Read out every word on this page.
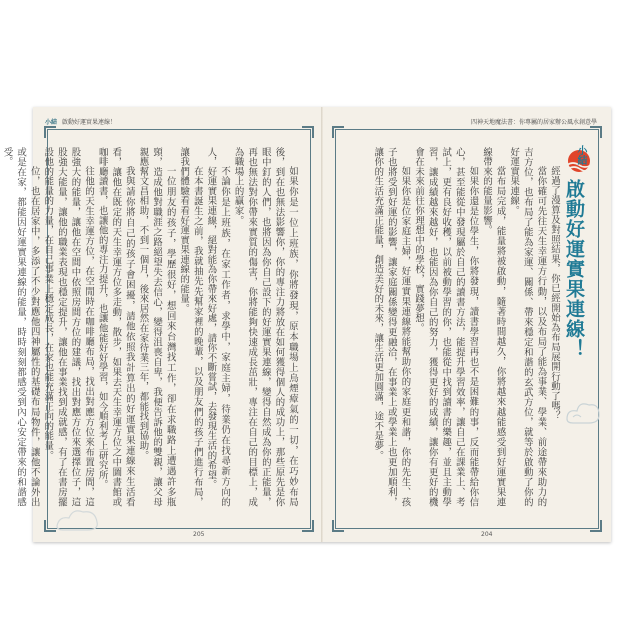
小結 啟動好運實果連線！

如果你是一位上班族，你將發現，原本職場上烏煙瘴氣的一切，在巧妙布局後，到在也無法影響你，你的專注力將放在如何獲得個人的成功上，那些原先是你眼中釘的人們，也將因為你自己設下的好運實果連線，變得自然成為你的正能量，再也無法對你帶來實質的傷害，你將能夠快速成長茁壯，專注在自己的目標上，成為職場上的贏家。

不論你是上班族，在家工作者，求學中，家庭主婦，待業仍在找尋新方向的人，好運實果連線，絕對能為你帶來好處，請你不斷嘗試，去發現生活的希望。

在本書誕生之前，我就抽先先幫家裡的晚輩，以及朋友們的孩子們進行布局，讓我們體驗看看好運實果連線的能量。

一位朋友的孩子，學歷很好，想回來台灣找工作，卻在求職路上遭遇許多瓶頸，造成他對職涯之路絕望失去信心，變得沮喪自卑，我便告訴他的雙親，讓父母親應幫文昌相助，不到一個月，後來居然在家待業三年，都能找到協助。

我與請你將自己的孩子會困擾，請他依照我計算出的好運實果連線來生活看看，讓他在既定的天生幸運方位多走動，散步，如果去天生幸運方位之中圖書館或咖啡廳讀書，也讓他的專注力提升，也讓他能好好學習，如今順利考上研究所。

往他的天生幸運方位，在空閒時在咖啡廳布局，找出對應方位來布置房間，這股強大的能量，讓他在空間中依照房間方位的建議，找出對應方位來選擇位子，這股強大能量，讓他的職業表現也穩定提升，讓他在事業找到成就感，有了在書房擺設他的能量的力量，在自己事業上穩定成長，在家也能充滿正向的能量。

位，也在居家中，多添了不少對應他四神屬性的基礎布局物件，讓他不論外出或是在家，都能因好運實果連線的能量，時時刻刻都感受到內心安定帶來的和諧感受。

205
四神天地魔法書：你專屬的居家辦公風水創意學

經過了漫算及對照結果，你已經開始為布局展開行動了嗎？

當你確可先往天生幸運方行動，以及布局了能為事業、學業、前途帶來助力的吉方位，也布局了能為家運、關係、帶來穩定和諧的玄武方位，就等於啟動了你的好運實果連線。

當布局完成，能量將被啟動，隨著時間越久，你將越來越能感受到好運實果連線帶來的能量影響。

如果你還是位學生，你將發現，讀書學習再也不是困難的事，反而能帶給你信心，甚至能從中發現屬於自己的讀書方法，能提升學習效率，讓自己在課業上、考試上，更有良好收穫，以前被動學習的你，也能從中找到讀書的樂趣，並且主動學習，讓成績越來越好，也能因為你自己的努力，獲得更好的成績，讓你有更好的機會在未來前往你理想中的學校，實踐夢想。

如果你是位家庭主婦，好運實果連線將能幫助你的家庭更和諧，你的先生、孩子也將受到好運的影響，讓家庭關係變得更融洽，在事業上或學業上也更加順利，讓你的生活充滿正能量，創造美好的未來，讓生活更加圓滿，途不是夢。	小結
啟動好運實果連線！
204
